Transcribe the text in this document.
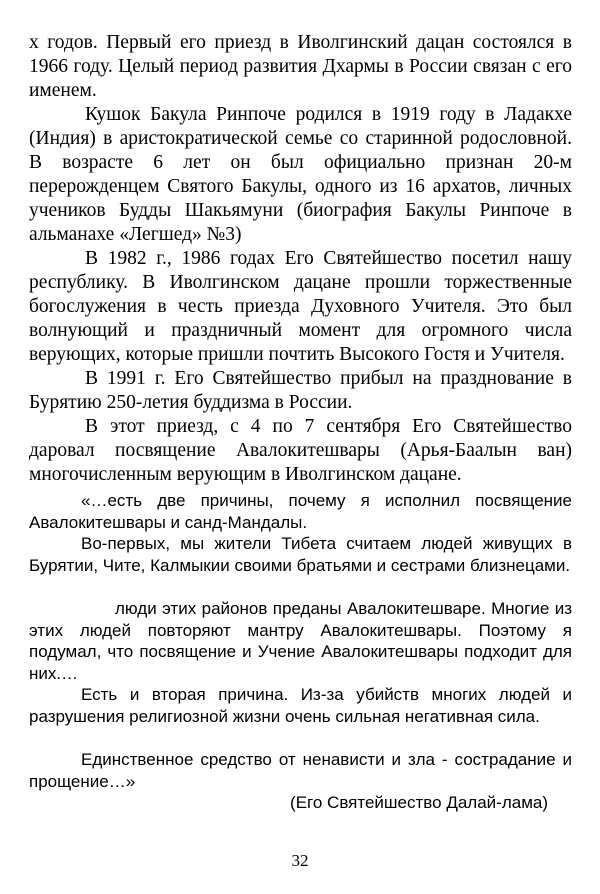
х годов. Первый его приезд в Иволгинский дацан состоялся в 1966 году. Целый период развития Дхармы в России связан с его именем.

Кушок Бакула Ринпоче родился в 1919 году в Ладакхе (Индия) в аристократической семье со старинной родословной. В возрасте 6 лет он был официально признан 20-м перерожденцем Святого Бакулы, одного из 16 архатов, личных учеников Будды Шакьямуни (биография Бакулы Ринпоче в альманахе «Легшед» №3)

В 1982 г., 1986 годах Его Святейшество посетил нашу республику. В Иволгинском дацане прошли торжественные богослужения в честь приезда Духовного Учителя. Это был волнующий и праздничный момент для огромного числа верующих, которые пришли почтить Высокого Гостя и Учителя.

В 1991 г. Его Святейшество прибыл на празднование в Бурятию 250-летия буддизма в России.

В этот приезд, с 4 по 7 сентября Его Святейшество даровал посвящение Авалокитешвары (Арья-Баалын ван) многочисленным верующим в Иволгинском дацане.

«…есть две причины, почему я исполнил посвящение Авалокитешвары и санд-Мандалы.

Во-первых, мы жители Тибета считаем людей живущих в Бурятии, Чите, Калмыкии своими братьями и сестрами близнецами.

люди этих районов преданы Авалокитешваре. Многие из этих людей повторяют мантру Авалокитешвары. Поэтому я подумал, что посвящение и Учение Авалокитешвары подходит для них.…

Есть и вторая причина. Из-за убийств многих людей и разрушения религиозной жизни очень сильная негативная сила.

Единственное средство от ненависти и зла - сострадание и прощение…»

(Его Святейшество Далай-лама)

32
